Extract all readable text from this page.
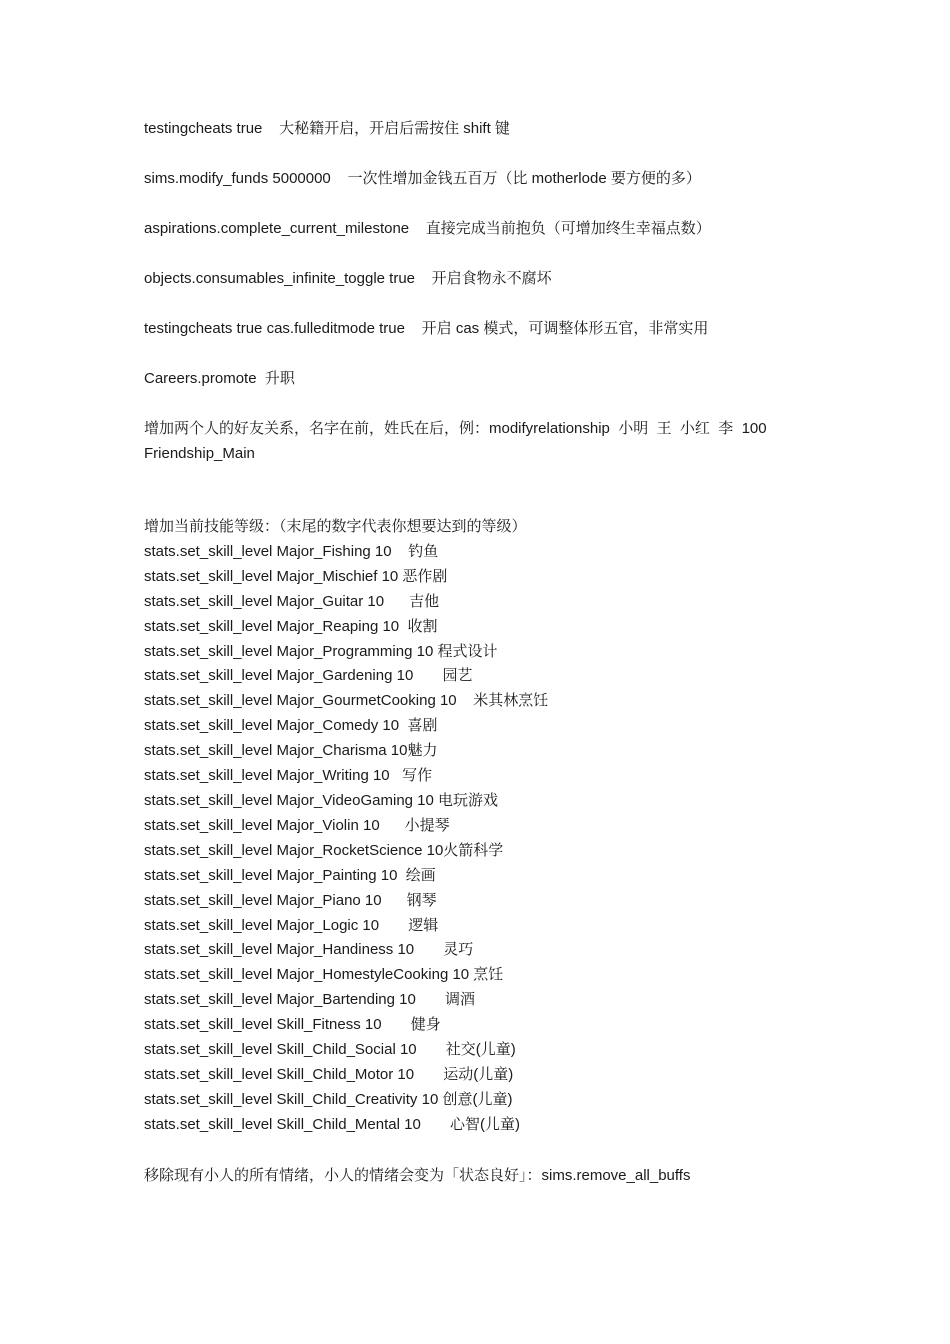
testingcheats true    大秘籍开启，开启后需按住 shift 键

sims.modify_funds 5000000    一次性增加金钱五百万（比 motherlode 要方便的多）

aspirations.complete_current_milestone    直接完成当前抱负（可增加终生幸福点数）

objects.consumables_infinite_toggle true    开启食物永不腐坏

testingcheats true cas.fulleditmode true    开启 cas 模式，可调整体形五官，非常实用

Careers.promote  升职

增加两个人的好友关系，名字在前，姓氏在后，例：modifyrelationship  小明  王  小红  李  100 Friendship_Main

增加当前技能等级：（末尾的数字代表你想要达到的等级）
stats.set_skill_level Major_Fishing 10    钓鱼
stats.set_skill_level Major_Mischief 10 恶作剧
stats.set_skill_level Major_Guitar 10      吉他
stats.set_skill_level Major_Reaping 10  收割
stats.set_skill_level Major_Programming 10 程式设计
stats.set_skill_level Major_Gardening 10       园艺
stats.set_skill_level Major_GourmetCooking 10    米其林烹饪
stats.set_skill_level Major_Comedy 10  喜剧
stats.set_skill_level Major_Charisma 10魅力
stats.set_skill_level Major_Writing 10   写作
stats.set_skill_level Major_VideoGaming 10 电玩游戏
stats.set_skill_level Major_Violin 10      小提琴
stats.set_skill_level Major_RocketScience 10火箭科学
stats.set_skill_level Major_Painting 10  绘画
stats.set_skill_level Major_Piano 10      钢琴
stats.set_skill_level Major_Logic 10       逻辑
stats.set_skill_level Major_Handiness 10       灵巧
stats.set_skill_level Major_HomestyleCooking 10 烹饪
stats.set_skill_level Major_Bartending 10       调酒
stats.set_skill_level Skill_Fitness 10       健身
stats.set_skill_level Skill_Child_Social 10       社交(儿童)
stats.set_skill_level Skill_Child_Motor 10       运动(儿童)
stats.set_skill_level Skill_Child_Creativity 10 创意(儿童)
stats.set_skill_level Skill_Child_Mental 10       心智(儿童)

移除现有小人的所有情绪，小人的情绪会变为「状态良好」：sims.remove_all_buffs
